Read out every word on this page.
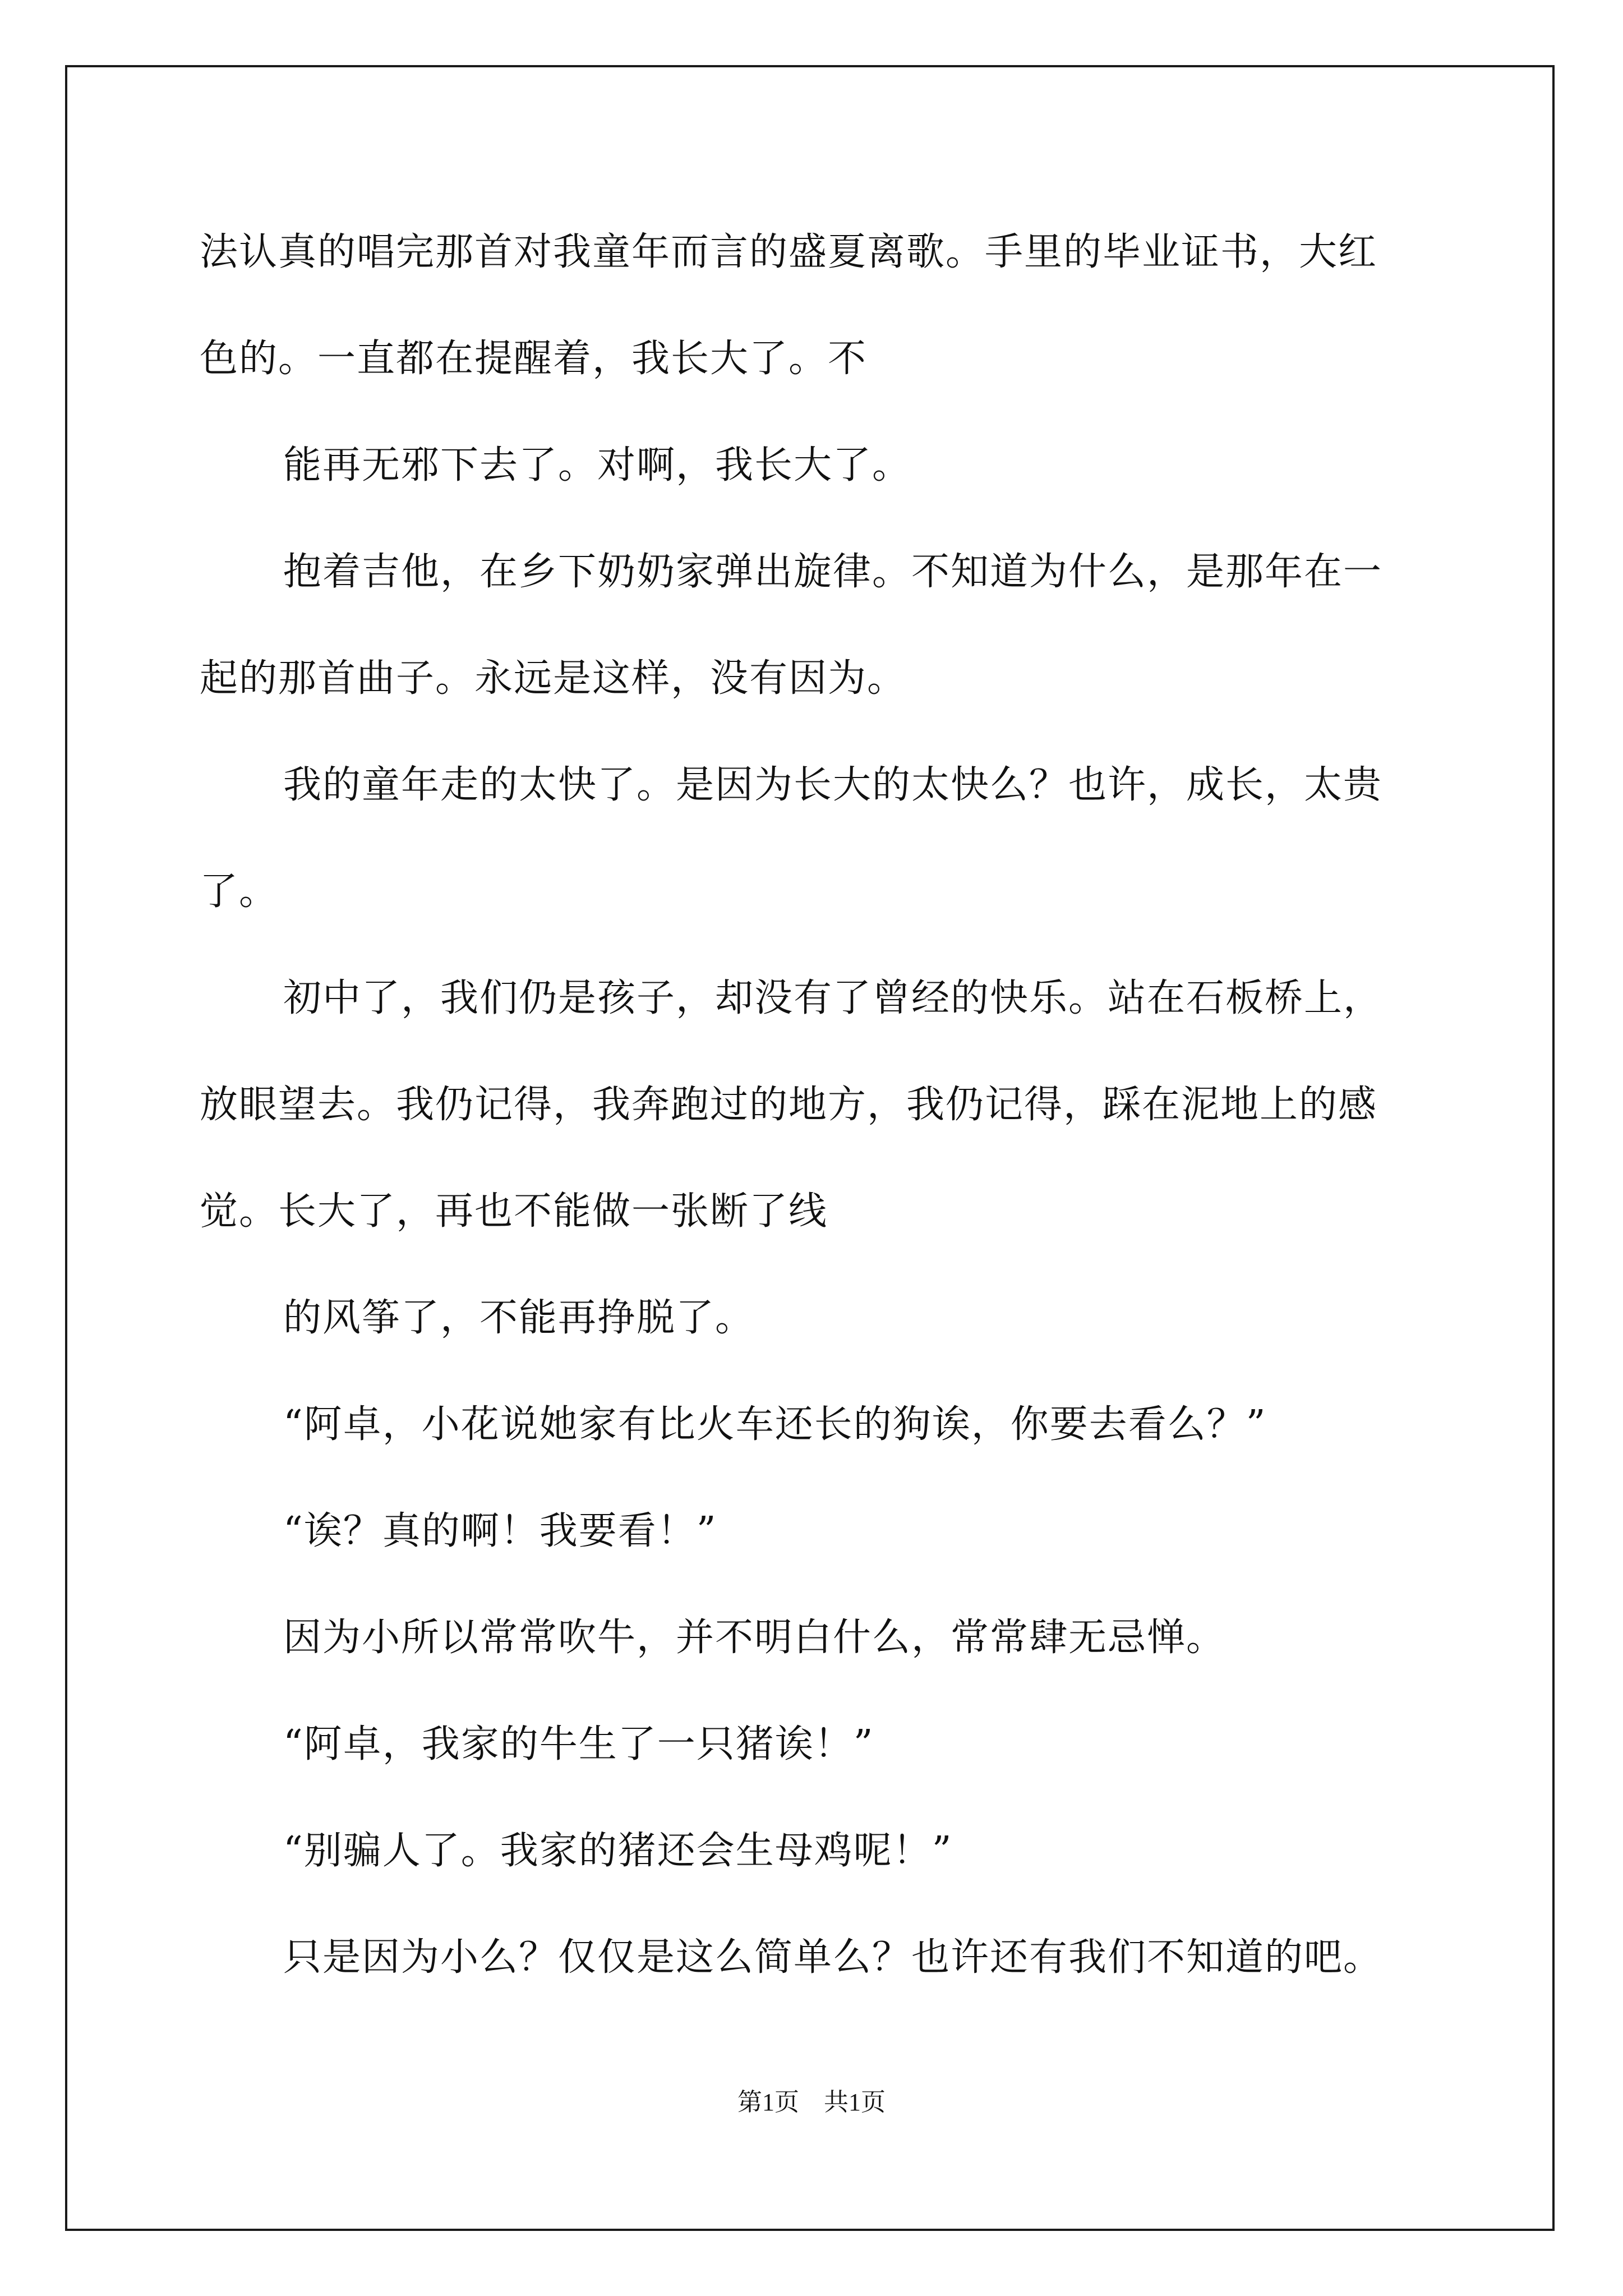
法认真的唱完那首对我童年而言的盛夏离歌。手里的毕业证书，大红
色的。一直都在提醒着，我长大了。不
能再无邪下去了。对啊，我长大了。
抱着吉他，在乡下奶奶家弹出旋律。不知道为什么，是那年在一
起的那首曲子。永远是这样，没有因为。
我的童年走的太快了。是因为长大的太快么？也许，成长，太贵
了。
初中了，我们仍是孩子，却没有了曾经的快乐。站在石板桥上，
放眼望去。我仍记得，我奔跑过的地方，我仍记得，踩在泥地上的感
觉。长大了，再也不能做一张断了线
的风筝了，不能再挣脱了。
“阿卓，小花说她家有比火车还长的狗诶，你要去看么？”
“诶？真的啊！我要看！”
因为小所以常常吹牛，并不明白什么，常常肆无忌惮。
“阿卓，我家的牛生了一只猪诶！”
“别骗人了。我家的猪还会生母鸡呢！”
只是因为小么？仅仅是这么简单么？也许还有我们不知道的吧。
第1页　共1页
